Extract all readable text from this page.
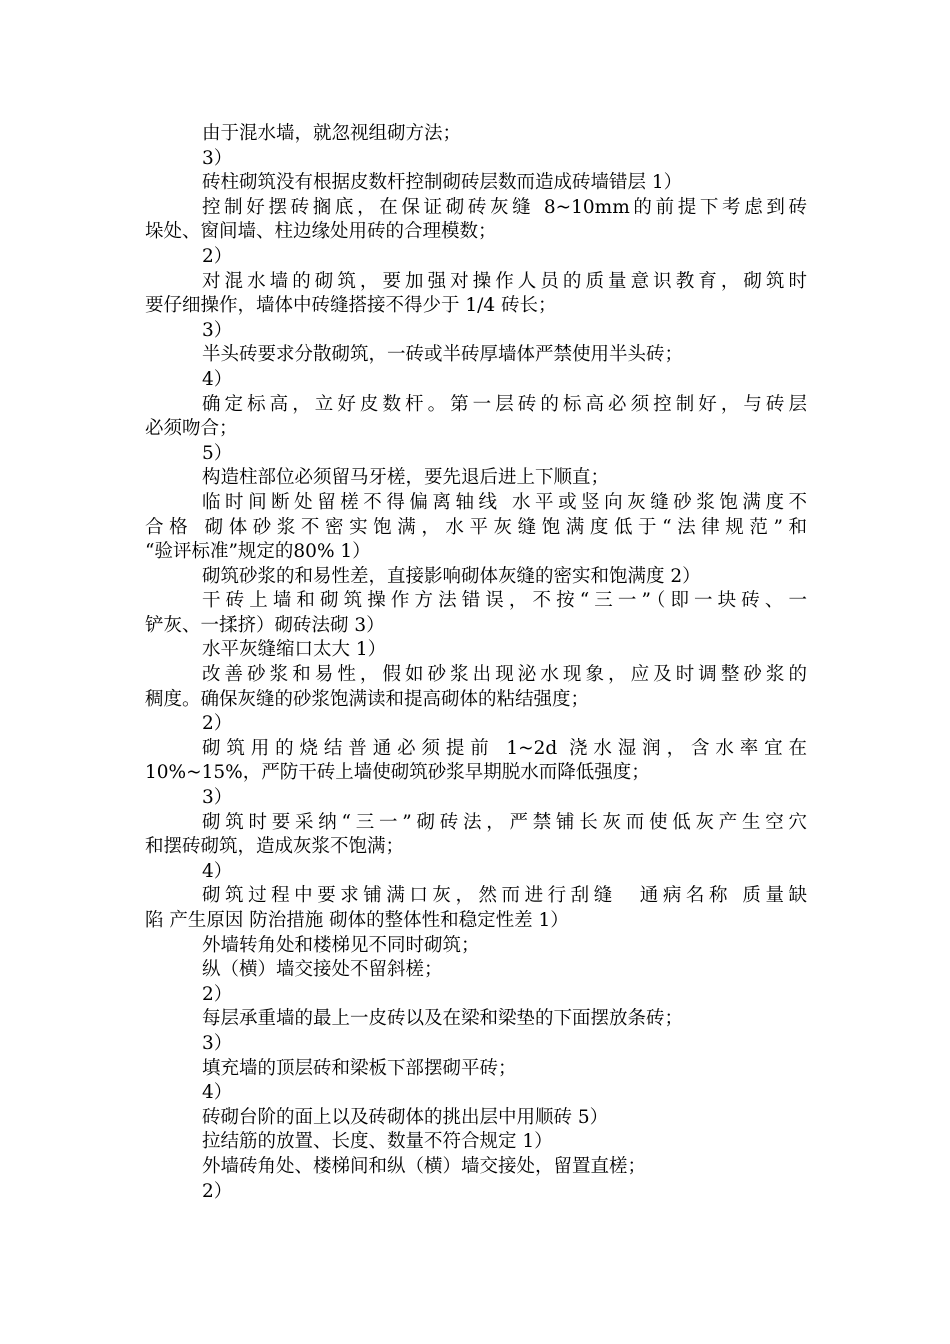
由于混水墙，就忽视组砌方法；
3）
砖柱砌筑没有根据皮数杆控制砌砖层数而造成砖墙错层 1）
控制好摆砖搁底，在保证砌砖灰缝 8~10mm的前提下考虑到砖
垛处、窗间墙、柱边缘处用砖的合理模数；
2）
对混水墙的砌筑，要加强对操作人员的质量意识教育，砌筑时
要仔细操作，墙体中砖缝搭接不得少于 1/4 砖长；
3）
半头砖要求分散砌筑，一砖或半砖厚墙体严禁使用半头砖；
4）
确定标高，立好皮数杆。第一层砖的标高必须控制好，与砖层
必须吻合；
5）
构造柱部位必须留马牙槎，要先退后进上下顺直；
临时间断处留槎不得偏离轴线 水平或竖向灰缝砂浆饱满度不
合格 砌体砂浆不密实饱满，水平灰缝饱满度低于“法律规范”和
“验评标准”规定的80% 1）
砌筑砂浆的和易性差，直接影响砌体灰缝的密实和饱满度 2）
干砖上墙和砌筑操作方法错误，不按“三一”（即一块砖、一
铲灰、一揉挤）砌砖法砌 3）
水平灰缝缩口太大 1）
改善砂浆和易性，假如砂浆出现泌水现象，应及时调整砂浆的
稠度。确保灰缝的砂浆饱满读和提高砌体的粘结强度；
2）
砌筑用的烧结普通必须提前 1~2d 浇水湿润，含水率宜在
10%~15%，严防干砖上墙使砌筑砂浆早期脱水而降低强度；
3）
砌筑时要采纳“三一”砌砖法，严禁铺长灰而使低灰产生空穴
和摆砖砌筑，造成灰浆不饱满；
4）
砌筑过程中要求铺满口灰，然而进行刮缝　通病名称 质量缺
陷 产生原因 防治措施 砌体的整体性和稳定性差 1）
外墙转角处和楼梯见不同时砌筑；
纵（横）墙交接处不留斜槎；
2）
每层承重墙的最上一皮砖以及在梁和梁垫的下面摆放条砖；
3）
填充墙的顶层砖和梁板下部摆砌平砖；
4）
砖砌台阶的面上以及砖砌体的挑出层中用顺砖 5）
拉结筋的放置、长度、数量不符合规定 1）
外墙砖角处、楼梯间和纵（横）墙交接处，留置直槎；
2）
